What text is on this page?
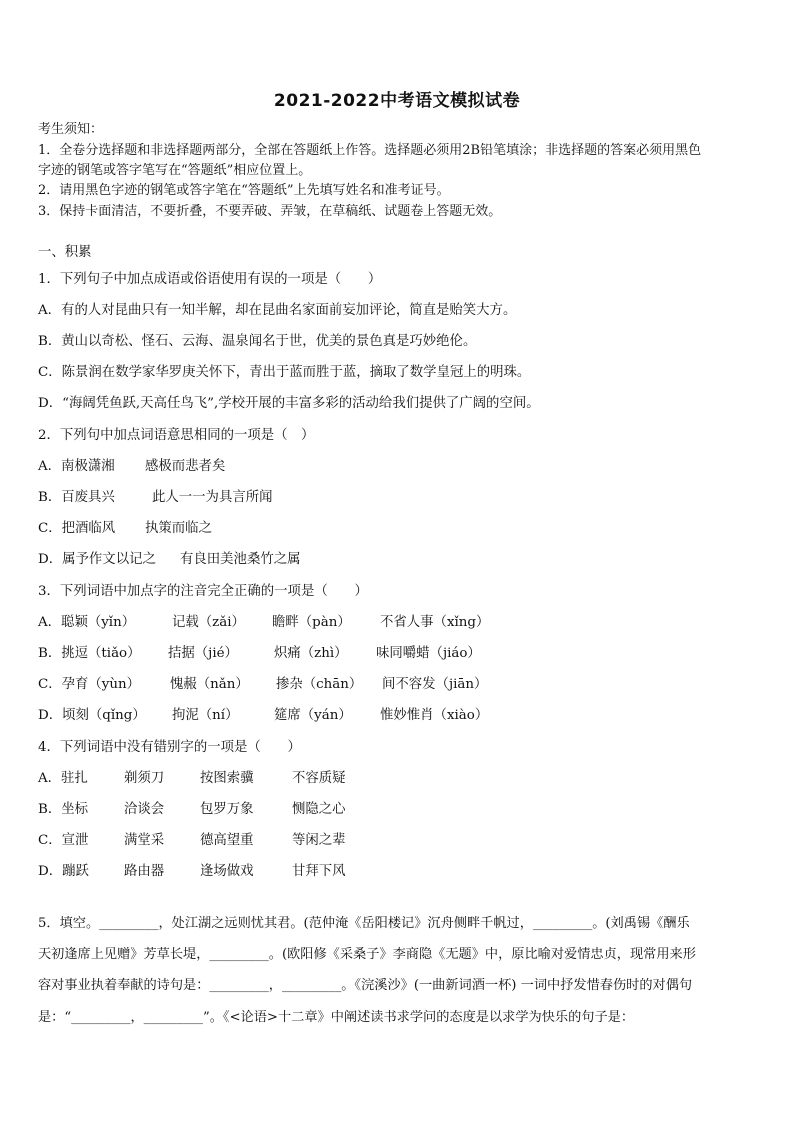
2021-2022中考语文模拟试卷
考生须知：
1．全卷分选择题和非选择题两部分，全部在答题纸上作答。选择题必须用2B铅笔填涂；非选择题的答案必须用黑色
字迹的钢笔或答字笔写在“答题纸”相应位置上。
2．请用黑色字迹的钢笔或答字笔在“答题纸”上先填写姓名和准考证号。
3．保持卡面清洁，不要折叠，不要弄破、弄皱，在草稿纸、试题卷上答题无效。
一、积累
1．下列句子中加点成语或俗语使用有误的一项是（　　）
A．有的人对昆曲只有一知半解，却在昆曲名家面前妄加评论，简直是贻笑大方。
B．黄山以奇松、怪石、云海、温泉闻名于世，优美的景色真是巧妙绝伦。
C．陈景润在数学家华罗庚关怀下，青出于蓝而胜于蓝，摘取了数学皇冠上的明珠。
D．“海阔凭鱼跃,天高任鸟飞”,学校开展的丰富多彩的活动给我们提供了广阔的空间。
2．下列句中加点词语意思相同的一项是（　）
A．南极潇湘 感极而悲者矣
B．百废具兴	此人一一为具言所闻
C．把酒临风 执策而临之
D．属予作文以记之 有良田美池桑竹之属
3．下列词语中加点字的注音完全正确的一项是（　　）
A．聪颖（yǐn）	记载（zǎi） 瞻畔（pàn） 不省人事（xǐng）
B．挑逗（tiǎo） 拮据（jié）	炽痛（zhì） 味同嚼蜡（jiáo）
C．孕育（yùn） 愧赧（nǎn） 掺杂（chān） 间不容发（jiān）
D．顷刻（qǐng） 拘泥（ní）	筵席（yán） 惟妙惟肖（xiào）
4．下列词语中没有错别字的一项是（　　）
A．驻扎	剃须刀	按图索骥	不容质疑
B．坐标	洽谈会	包罗万象	恻隐之心
C．宣泄	满堂采	德高望重	等闲之辈
D．蹦跃	路由器	逢场做戏	甘拜下风
5．填空。_________，处江湖之远则忧其君。(范仲淹《岳阳楼记》沉舟侧畔千帆过，_________。(刘禹锡《酬乐
天初逢席上见赠》芳草长堤，_________。(欧阳修《采桑子》李商隐《无题》中，原比喻对爱情忠贞，现常用来形
容对事业执着奉献的诗句是：_________，_________。《浣溪沙》(一曲新词酒一杯) 一词中抒发惜春伤时的对偶句
是：“_________，_________”。《<论语>十二章》中阐述读书求学问的态度是以求学为快乐的句子是：
